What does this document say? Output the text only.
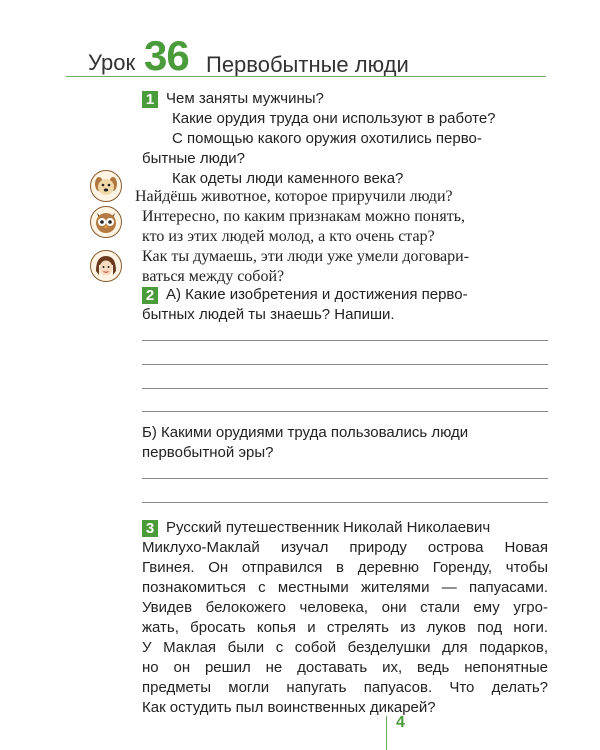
Урок 36 Первобытные люди
1 Чем заняты мужчины?
Какие орудия труда они используют в работе?
С помощью какого оружия охотились перво-
бытные люди?
Как одеты люди каменного века?
Найдёшь животное, которое приручили люди?
Интересно, по каким признакам можно понять,
кто из этих людей молод, а кто очень стар?
Как ты думаешь, эти люди уже умели договари-
ваться между собой?
2 А) Какие изобретения и достижения перво-
бытных людей ты знаешь? Напиши.
Б) Какими орудиями труда пользовались люди
первобытной эры?
3 Русский путешественник Николай Николаевич
Миклухо-Маклай изучал природу острова Новая
Гвинея. Он отправился в деревню Горенду, чтобы
познакомиться с местными жителями — папуасами.
Увидев белокожего человека, они стали ему угро-
жать, бросать копья и стрелять из луков под ноги.
У Маклая были с собой безделушки для подарков,
но он решил не доставать их, ведь непонятные
предметы могли напугать папуасов. Что делать?
Как остудить пыл воинственных дикарей?
4
